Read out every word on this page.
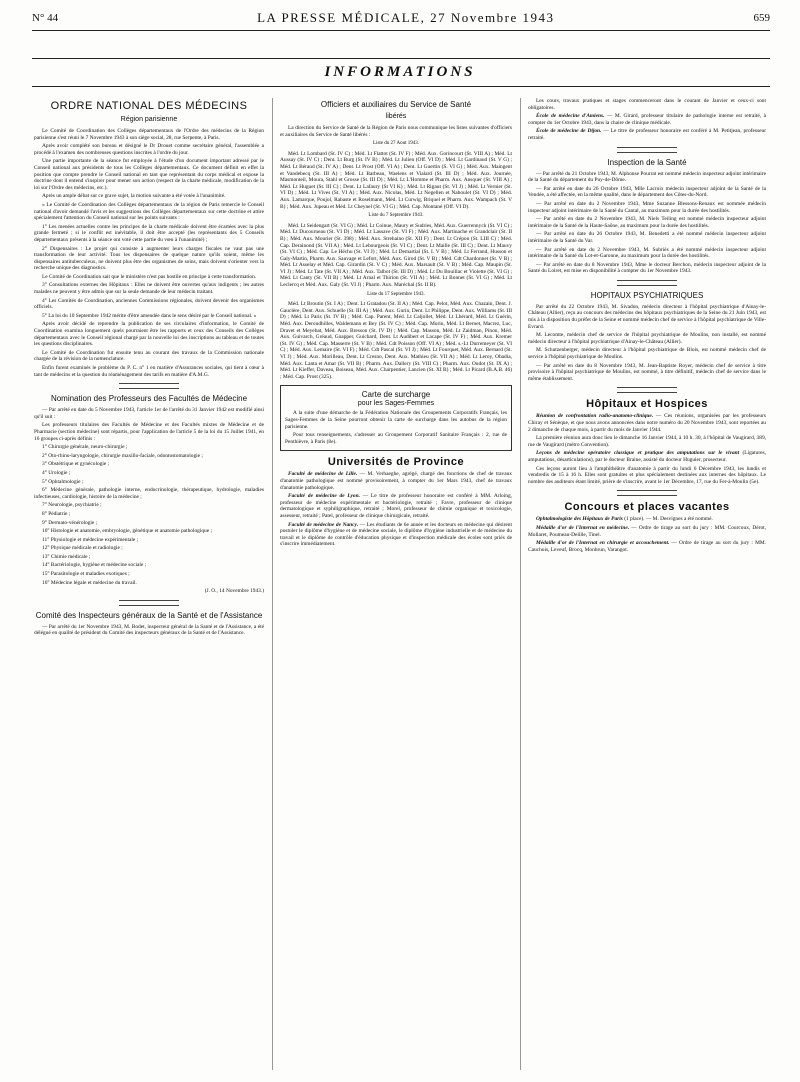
N° 44	LA PRESSE MÉDICALE, 27 Novembre 1943	659
INFORMATIONS
ORDRE NATIONAL DES MÉDECINS
Région parisienne

Le Comité de Coordination des Collèges départementaux de l'Ordre des médecins de la Région parisienne s'est réuni le 7 Novembre 1943 à son siège social, 28, rue Serpente, à Paris.

Après avoir complété son bureau et désigné le Dr Drouet comme secrétaire général, l'assemblée a procédé à l'examen des nombreuses questions inscrites à l'ordre du jour.

Une partie importante de la séance fut employée à l'étude d'un document important adressé par le Conseil national aux présidents de tous les Collèges départementaux. Ce document définit en effet la position que compte prendre le Conseil national en tant que représentant du corps médical et expose la doctrine dont il entend s'inspirer pour mener son action (respect de la charte médicale, modification de la loi sur l'Ordre des médecins, etc.).

Après un ample débat sur ce grave sujet, la motion suivante a été votée à l'unanimité.

« Le Comité de Coordination des Collèges départementaux de la région de Paris remercie le Conseil national d'avoir demandé l'avis et les suggestions des Collèges départementaux sur cette doctrine et attire spécialement l'attention du Conseil national sur les points suivants :

1° Les menées actuelles contre les principes de la charte médicale doivent être écartées avec la plus grande fermeté ; si le conflit est inévitable, il doit être accepté (les représentants des 5 Conseils départementaux présents à la séance ont voté cette partie du vœu à l'unanimité) ;

2° Dispensaires : Le projet qui consiste à augmenter leurs charges fiscales ne vaut pas une transformation de leur activité. Tous les dispensaires de quelque nature qu'ils soient, même les dispensaires antituberculeux, ne doivent plus être des organismes de soins, mais doivent s'orienter vers la recherche unique des diagnostics.

Le Comité de Coordination sait que le ministère n'est pas hostile en principe à cette transformation.

3° Consultations externes des Hôpitaux : Elles ne doivent être ouvertes qu'aux indigents ; les autres malades ne peuvent y être admis que sur la seule demande de leur médecin traitant.

4° Les Comités de Coordination, anciennes Commissions régionales, doivent devenir des organismes officiels.

5° La loi du 10 Septembre 1942 mérite d'être amendée dans le sens désiré par le Conseil national. »

Après avoir décidé de reprendre la publication de ses circulaires d'information, le Comité de Coordination examina longuement quels pourraient être les rapports et ceux des Conseils des Collèges départementaux avec le Conseil régional chargé par la nouvelle loi des inscriptions au tableau et de toutes les questions disciplinaires.

Le Comité de Coordination fut ensuite tenu au courant des travaux de la Commission nationale chargée de la révision de la nomenclature.

Enfin furent examinés le problème du P. C. n° 1 en matière d'Assurances sociales, qui tient à cœur à tant de médecins et la question du réaménagement des tarifs en matière d'A.M.G.

Nomination des Professeurs des Facultés de Médecine

— Par arrêté en date du 5 Novembre 1943, l'article 1er de l'arrêté du 31 Janvier 1942 est modifié ainsi qu'il suit :

Les professeurs titulaires des Facultés de Médecine et des Facultés mixtes de Médecine et de Pharmacie (section médecine) sont répartis, pour l'application de l'article 5 de la loi du 15 Juillet 1941, en 16 groupes ci-après définis :

1° Chirurgie générale, neuro-chirurgie ;

2° Oto-rhino-laryngologie, chirurgie maxillo-faciale, odontostomatologie ;

3° Obstétrique et gynécologie ;

4° Urologie ;

5° Ophtalmologie ;

6° Médecine générale, pathologie interne, endocrinologie, thérapeutique, hydrologie, maladies infectieuses, cardiologie, histoire de la médecine ;

7° Neurologie, psychiatrie ;

8° Pédiatrie ;

9° Dermato-vénérologie ;

10° Histologie et anatomie, embryologie, génétique et anatomie pathologique ;

11° Physiologie et médecine expérimentale ;

12° Physique médicale et radiologie ;

13° Chimie médicale ;

14° Bactériologie, hygiène et médecine sociale ;

15° Parasitologie et maladies exotiques ;

16° Médecine légale et médecine du travail.

(J. O., 14 Novembre 1943.)
Comité des Inspecteurs généraux de la Santé et de l'Assistance

— Par arrêté du 1er Novembre 1943, M. Bodet, inspecteur général de la Santé et de l'Assistance, a été délégué en qualité de président du Comité des inspecteurs généraux de la Santé et de l'Assistance.

Officiers et auxiliaires du Service de Santé
libérés

La direction du Service de Santé de la Région de Paris nous communique les listes suivantes d'officiers et auxiliaires du Service de Santé libérés :

Liste du 27 Aout 1943.

Méd. Lt Lombard (St. IV C) ; Méd. Lt Flattot (St. IV F) ; Méd. Aux. Gorincourt (St. VIII A) ; Méd. Lt Aussay (St. IV C) ; Dent. Lt Burg (St. IV B) ; Méd. Lt Julien (Off. VI D) ; Méd. Lt Gardinaud (St. V G) ; Méd. Lt Béraud (St. IV A) ; Dent. Lt Prost (Off. VI A) ; Dent. Lt Guertin (S. VI G) ; Méd. Aux. Maingent et Vandebecq (St. III A) ; Méd. Lt Barbeau, Waelens et Vialard (St. III D) ; Méd. Aux. Journée, Masmonteil, Moura, Stahl et Grosse (St. III D) ; Méd. Lt L'Homme et Pharm. Aux. Ansquer (St. VIII A) ; Méd. Lt Huguet (St. III C) ; Dent. Lt Lafaury (St VI K) ; Méd. Lt Rigaut (St. VI J) ; Méd. Lt Vernier (St. VI D) ; Méd. Lt Vives (St. VI A) ; Méd. Aux. Nicolas, Méd. Lt Negellen et Naboulet (St. VI D) ; Méd. Aux. Lamarque, Poujol, Rabaste et Roselmann, Méd. Lt Curwig, Briquel et Pharm. Aux. Wampach (St. V B) ; Méd. Aux. Jupeau et Méd. Lt Cheynel (St. VI G) ; Méd. Cap. Montané (Off. VI D).

Liste du 7 Septembre 1943.

Méd. Lt Seidengart (St. VI G) ; Méd. Lt Coinue, Maury et Sudries, Méd. Aux. Guerrennyck (St. VI C) ; Méd. Lt Ducourneau (St. VI D) ; Méd. Lt Lassave (St. VI F) ; Méd. Aux. Martinache et Grandclair (St. II B) ; Méd. Aux. Mourier (St. 398) ; Méd. Aux. Strehaino (St. XII F) ; Dent. Lt Crépon (St. LIII C) ; Méd. Cap. Derainond (St. VII A) ; Méd. Lt Lebourgeois (St. VI C) ; Dent. Lt Maille (St. III C) ; Dent. Lt Mauvy (St. VI C) ; Méd. Cap. Le Héchu (St. VI J) ; Méd. Lt Demartial (St. I. V B) ; Méd. Lt Ferrand, Husson et Galy-Martin, Pharm. Aux. Sauvage et Lefort, Méd. Aux. Girod (St. V B) ; Méd. Cdt Chardonnet (St. V B) ; Méd. Lt Asselay et Méd. Cap. Girardin (St. V C) ; Méd. Aux. Marsault (St. V B) ; Méd. Cap. Maupin (St. VI J) ; Méd. Lt Tate (St. VII A) ; Méd. Aux. Talbot (St. III D) ; Méd. Lt Du Bouillac et Violette (St. VI G) ; Méd. Lt Canty (St. VII B) ; Méd. Lt Arnal et Thirion (St. VII A) ; Méd. Lt Bonnet (St. VI G) ; Méd. Lt Leclercq et Méd. Aux. Galy (St. VI J) ; Pharm. Aux. Maréchal (St. II B).

Liste du 17 Septembre 1943.

Méd. Lt Broutin (St. I A) ; Dent. Lt Gratadou (St. II A) ; Méd. Cap. Pelot, Méd. Aux. Chazain, Dent. J. Gauclère, Dent. Aux. Schuelle (St. III A) ; Méd. Aux. Gurin, Dent. Lt Philippe, Dent. Aux. Williams (St. III D) ; Méd. Lt Paris (St. IV B) ; Méd. Cap. Parent, Méd. Lt Caljollet, Méd. Lt Lhérard, Méd. Lt Guérin, Méd. Aux. Deroudhilles, Waldemann et Bey (St. IV C) ; Méd. Cap. Morin, Méd. Lt Bernet, Macrez, Luc, Dravet et Meyebat, Méd. Aux. Bresson (St. IV D) ; Méd. Cap. Masson, Méd. Lt Zaidman, Pinon, Méd. Aux. Guivarch, Gréaud, Goapper, Guichard, Dent. Lt Audibert et Lacape (St. IV F) ; Méd. Aux. Kremer (St. IV G) ; Méd. Cap. Masserre (St. V B) ; Méd. Cdt Poisson (Off. VI A) ; Méd. s.-Lt Durremeyer (St. VI C) ; Méd. Aux. Lemaire (St. VI F) ; Méd. Cdt Pascal (St. VI J) ; Méd. Lt Fourquet, Méd. Aux. Bernard (St. VI J) ; Méd. Aux. Morilleau, Dent. Lt Cresno, Dent. Aux. Mathieu (St. VII A) ; Méd. Lt Leroy, Obadia, Méd. Aux. Lanta et Amar (St. VII B) ; Pharm. Aux. Dallery (St. VIII C) ; Pharm. Aux. Oudot (St. IX A) ; Méd. Lt Kieffer, Daveau, Boiseau, Méd. Aux. Charpentier, Lancien (St. XI B) ; Méd. Lt Picard (B.A.B. 46) ; Méd. Cap. Prost (325).

Carte de surcharge
pour les Sages-Femmes

A la suite d'une démarche de la Fédération Nationale des Groupements Corporatifs Français, les Sages-Femmes de la Seine pourront obtenir la carte de surcharge dans les autobus de la région parisienne.

Pour tous renseignements, s'adresser au Groupement Corporatif Sanitaire Français : 2, rue de Penthièvre, à Paris (8e).

Universités de Province

Faculté de médecine de Lille. — M. Verhaeghe, agrégé, chargé des fonctions de chef de travaux d'anatomie pathologique est nommé provisoirement, à compter du 1er Mars 1943, chef de travaux d'anatomie pathologique.

Faculté de médecine de Lyon. — Le titre de professeur honoraire est conféré à MM. Arloing, professeur de médecine expérimentale et bactériologie, retraité ; Favre, professeur de clinique dermatologique et syphiligraphique, retraité ; Morel, professeur de chimie organique et toxicologie, assesseur, retraité ; Patel, professeur de clinique chirurgicale, retraité.

Faculté de médecine de Nancy. — Les étudiants de 6e année et les docteurs en médecine qui désirent postuler le diplôme d'hygiène et de médecine sociale, le diplôme d'hygiène industrielle et de médecine du travail et le diplôme de contrôle d'éducation physique et d'inspection médicale des écoles sont priés de s'inscrire immédiatement.

Les cours, travaux pratiques et stages commenceront dans le courant de Janvier et ceux-ci sont obligatoires.

École de médecine d'Amiens. — M. Girard, professeur titulaire de pathologie interne est retraité, à compter du 1er Octobre 1943, dans la chaire de clinique médicale.

École de médecine de Dijon. — Le titre de professeur honoraire est conféré à M. Petitjean, professeur retraité.

Inspection de la Santé

— Par arrêté du 21 Octobre 1943, M. Alphonse Pourrat est nommé médecin inspecteur adjoint intérimaire de la Santé du département du Puy-de-Dôme.

— Par arrêté en date du 26 Octobre 1943, Mlle Lacroix médecin inspecteur adjoint de la Santé de la Vendée, a été affectée, en la même qualité, dans le département des Côtes-du-Nord.

— Par arrêté en date du 2 Novembre 1943, Mme Suzanne Blessons-Renaux est nommée médecin inspecteur adjoint intérimaire de la Santé du Cantal, au maximum pour la durée des hostilités.

— Par arrêté en date du 2 Novembre 1943, M. Niels Teiling est nommé médecin inspecteur adjoint intérimaire de la Santé de la Haute-Saône, au maximum pour la durée des hostilités.

— Par arrêté en date du 26 Octobre 1943, M. Benedetti a été nommé médecin inspecteur adjoint intérimaire de la Santé du Var.

— Par arrêté en date du 2 Novembre 1943, M. Subriès a été nommé médecin inspecteur adjoint intérimaire de la Santé du Lot-et-Garonne, au maximum pour la durée des hostilités.

— Par arrêté en date du 8 Novembre 1943, Mme le docteur Berchon, médecin inspecteur adjoint de la Santé du Loiret, est mise en disponibilité à compter du 1er Novembre 1943.

HOPITAUX PSYCHIATRIQUES

Par arrêté du 22 Octobre 1943, M. Sivadon, médecin directeur à l'hôpital psychiatrique d'Ainay-le-Château (Allier), reçu au concours des médecins des hôpitaux psychiatriques de la Seine du 21 Juin 1943, est mis à la disposition du préfet de la Seine et nommé médecin chef de service à l'hôpital psychiatrique de Ville-Evrard.

M. Lecomte, médecin chef de service de l'hôpital psychiatrique de Moulins, non installé, est nommé médecin directeur à l'hôpital psychiatrique d'Ainay-le-Château (Allier).

M. Schutzenberger, médecin directeur à l'hôpital psychiatrique de Blois, est nommé médecin chef de service à l'hôpital psychiatrique de Moulins.

— Par arrêté en date du 8 Novembre 1943, M. Jean-Baptiste Royer, médecin chef de service à titre provisoire à l'hôpital psychiatrique de Moulins, est nommé, à titre définitif, médecin chef de service dans le même établissement.

Hôpitaux et Hospices

Réunion de confrontation radio-anatomo-clinique. — Ces réunions, organisées par les professeurs Chiray et Sénèque, et que nous avons annoncées dans notre numéro du 20 Novembre 1943, sont reportées au 2 dimanche de chaque mois, à partir du mois de Janvier 1944.

La première réunion aura donc lieu le dimanche 16 Janvier 1944, à 10 h. 30, à l'hôpital de Vaugirard, 389, rue de Vaugirard (métro Convention).

Leçons de médecine opératoire classique et pratique des amputations sur le vivant (Ligatures, amputations, désarticulations), par le docteur Braine, assisté du docteur Huguier, prosecteur.

Ces leçons auront lieu à l'amphithéâtre d'anatomie à partir du lundi 6 Décembre 1943, les lundis et vendredis de 15 à 16 h. Elles sont gratuites et plus spécialement destinées aux internes des hôpitaux. Le nombre des auditeurs étant limité, prière de s'inscrire, avant le 1er Décembre, 17, rue du Fer-à-Moulin (5e).

Concours et places vacantes

Ophtalmologiste des Hôpitaux de Paris (1 place). — M. Desvignes a été nommé.

Médaille d'or de l'Internat en médecine. — Ordre de tirage au sort du jury : MM. Courcoux, Dérot, Mollaret, Poumeau-Delille, Tinel.

Médaille d'or de l'Internat en chirurgie et accouchement. — Ordre de tirage au sort du jury : MM. Cauchois, Leveuf, Brocq, Monbrun, Varangot.
